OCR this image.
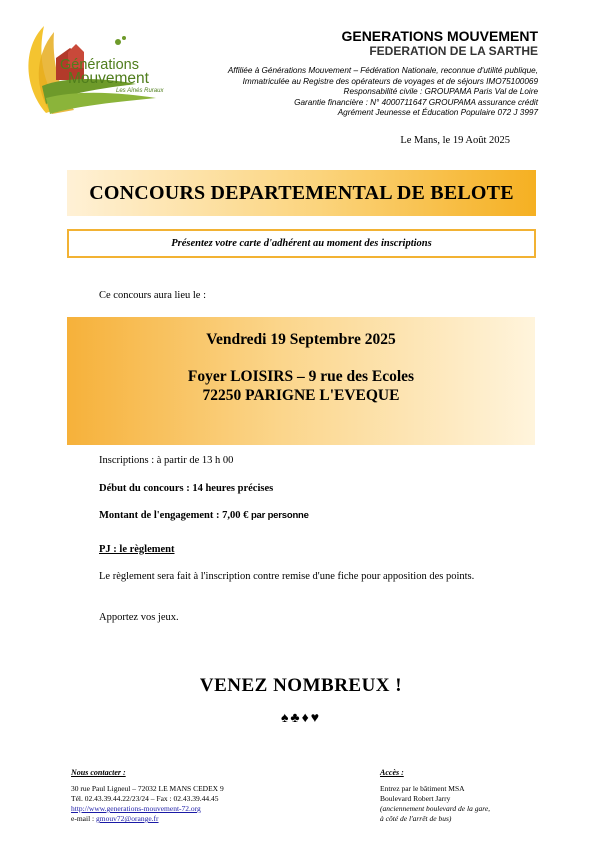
Générations
Mouvement
Les Aînés Ruraux
GENERATIONS MOUVEMENT
FEDERATION DE LA SARTHE
Affiliée à Générations Mouvement – Fédération Nationale, reconnue d'utilité publique,
Immatriculée au Registre des opérateurs de voyages et de séjours IMO75100069
Responsabilité civile : GROUPAMA Paris Val de Loire
Garantie financière : N° 4000711647 GROUPAMA assurance crédit
Agrément Jeunesse et Éducation Populaire 072 J 3997
Le Mans, le 19 Août 2025
CONCOURS DEPARTEMENTAL DE BELOTE
Présentez votre carte d'adhérent au moment des inscriptions
Ce concours aura lieu le :
Vendredi 19 Septembre 2025
Foyer LOISIRS – 9 rue des Ecoles
72250 PARIGNE L'EVEQUE
Inscriptions : à partir de 13 h 00
Début du concours : 14 heures précises
Montant de l'engagement : 7,00 € par personne
PJ : le règlement
Le règlement sera fait à l'inscription contre remise d'une fiche pour apposition des points.
Apportez vos jeux.
VENEZ NOMBREUX !
♠♣♦♥
Nous contacter :
30 rue Paul Ligneul – 72032 LE MANS CEDEX 9
Tél. 02.43.39.44.22/23/24 – Fax : 02.43.39.44.45
http://www.generations-mouvement-72.org
e-mail : gmouv72@orange.fr
Accès :
Entrez par le bâtiment MSA
Boulevard Robert Jarry
(anciennement boulevard de la gare,
à côté de l'arrêt de bus)
